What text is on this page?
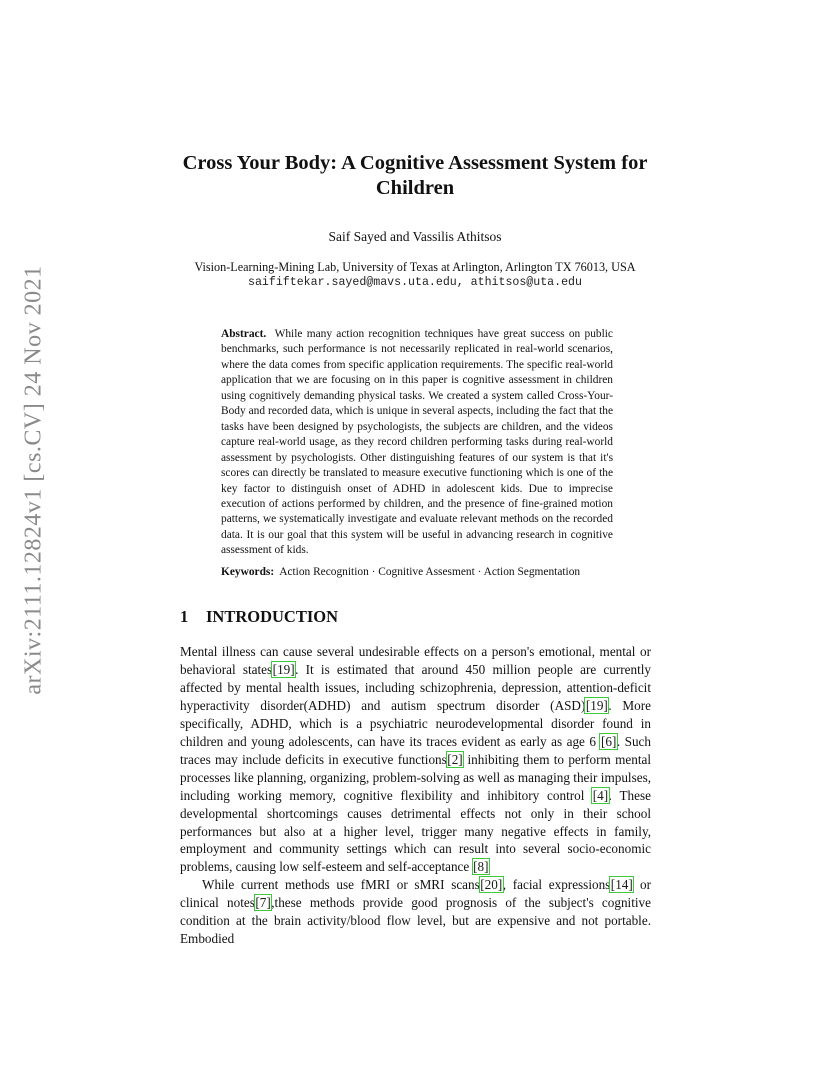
arXiv:2111.12824v1 [cs.CV] 24 Nov 2021
Cross Your Body: A Cognitive Assessment System for Children
Saif Sayed and Vassilis Athitsos
Vision-Learning-Mining Lab, University of Texas at Arlington, Arlington TX 76013, USA
saififtekar.sayed@mavs.uta.edu, athitsos@uta.edu
Abstract. While many action recognition techniques have great success on public benchmarks, such performance is not necessarily replicated in real-world scenarios, where the data comes from specific application requirements. The specific real-world application that we are focusing on in this paper is cognitive assessment in children using cognitively demanding physical tasks. We created a system called Cross-Your-Body and recorded data, which is unique in several aspects, including the fact that the tasks have been designed by psychologists, the subjects are children, and the videos capture real-world usage, as they record children performing tasks during real-world assessment by psychologists. Other distinguishing features of our system is that it's scores can directly be translated to measure executive functioning which is one of the key factor to distinguish onset of ADHD in adolescent kids. Due to imprecise execution of actions performed by children, and the presence of fine-grained motion patterns, we systematically investigate and evaluate relevant methods on the recorded data. It is our goal that this system will be useful in advancing research in cognitive assessment of kids.
Keywords: Action Recognition · Cognitive Assesment · Action Segmentation
1 INTRODUCTION

Mental illness can cause several undesirable effects on a person's emotional, mental or behavioral states[19]. It is estimated that around 450 million people are currently affected by mental health issues, including schizophrenia, depression, attention-deficit hyperactivity disorder(ADHD) and autism spectrum disorder (ASD)[19]. More specifically, ADHD, which is a psychiatric neurodevelopmental disorder found in children and young adolescents, can have its traces evident as early as age 6 [6]. Such traces may include deficits in executive functions[2] inhibiting them to perform mental processes like planning, organizing, problem-solving as well as managing their impulses, including working memory, cognitive flexibility and inhibitory control [4]. These developmental shortcomings causes detrimental effects not only in their school performances but also at a higher level, trigger many negative effects in family, employment and community settings which can result into several socio-economic problems, causing low self-esteem and self-acceptance [8]

While current methods use fMRI or sMRI scans[20], facial expressions[14] or clinical notes[7],these methods provide good prognosis of the subject's cognitive condition at the brain activity/blood flow level, but are expensive and not portable. Embodied
